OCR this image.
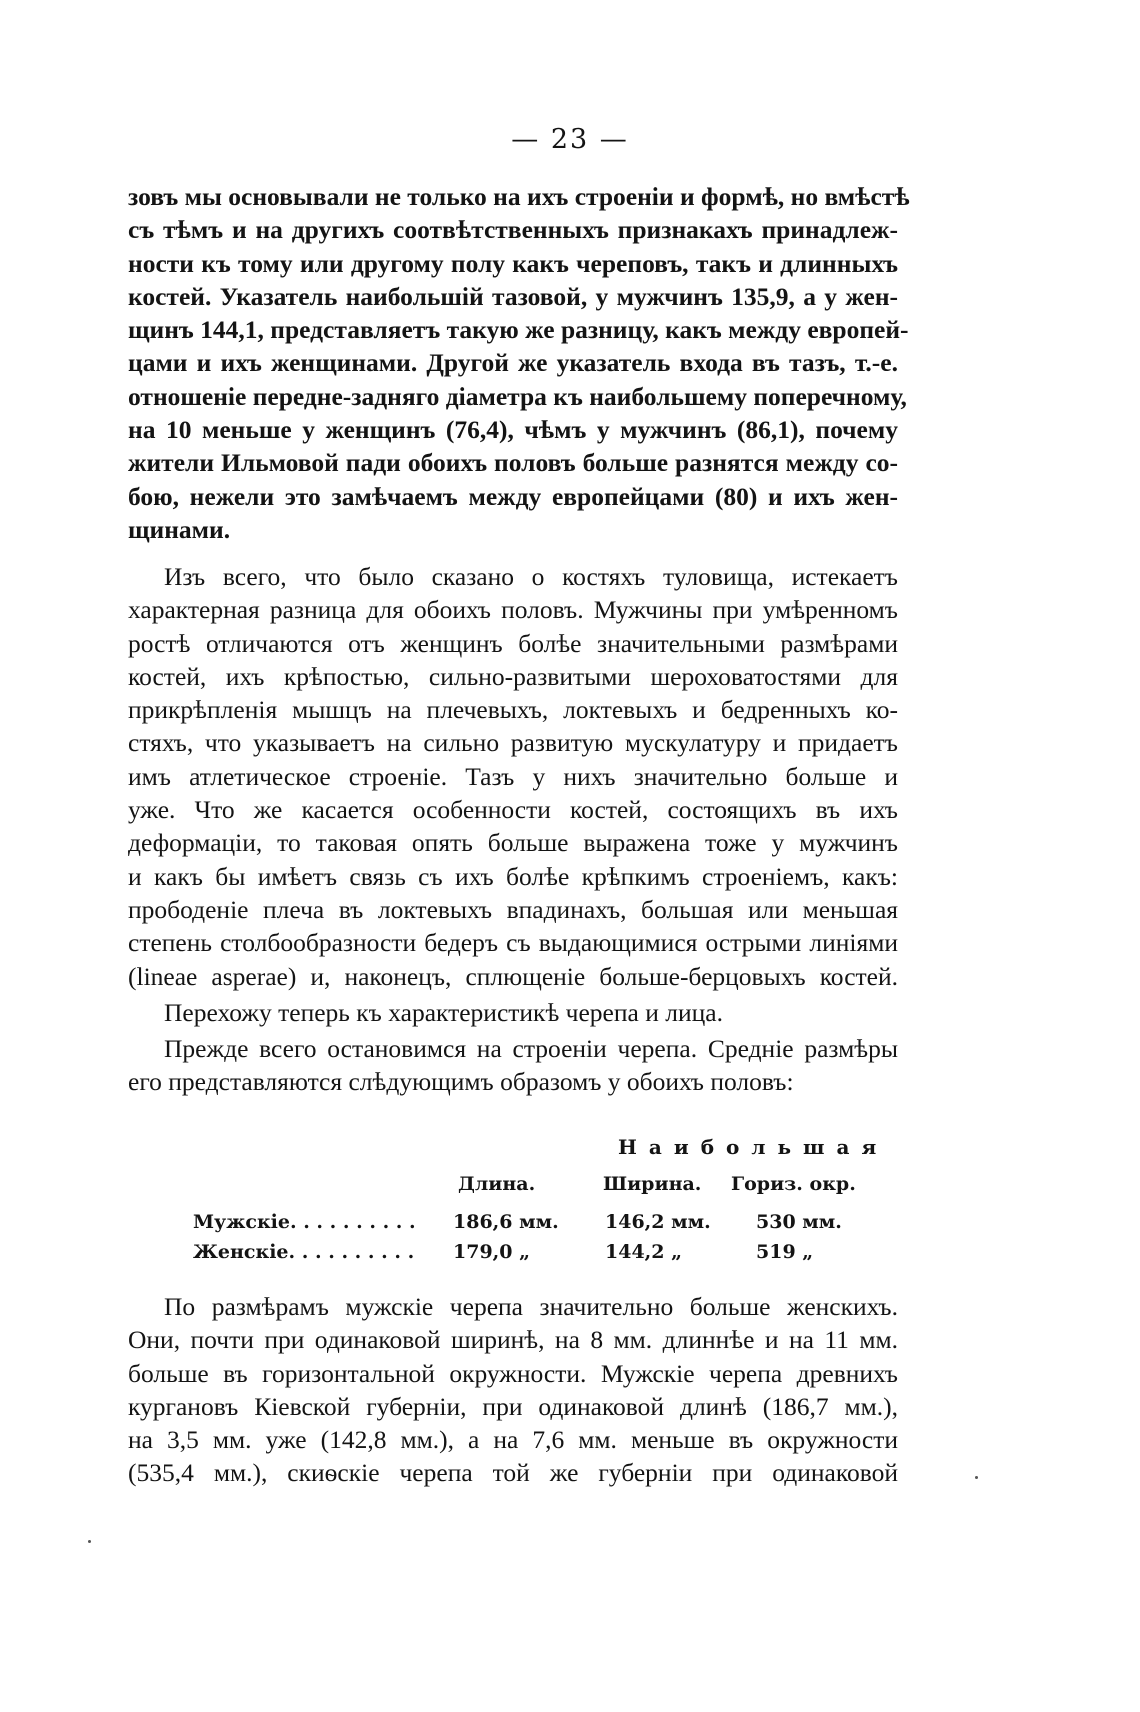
— 23 —
зовъ мы основывали не только на ихъ строеніи и формѣ, но вмѣстѣ
съ тѣмъ и на другихъ соотвѣтственныхъ признакахъ принадлеж-
ности къ тому или другому полу какъ череповъ, такъ и длинныхъ
костей. Указатель наибольшій тазовой, у мужчинъ 135,9, а у жен-
щинъ 144,1, представляетъ такую же разницу, какъ между европей-
цами и ихъ женщинами. Другой же указатель входа въ тазъ, т.-е.
отношеніе передне-задняго діаметра къ наибольшему поперечному,
на 10 меньше у женщинъ (76,4), чѣмъ у мужчинъ (86,1), почему
жители Ильмовой пади обоихъ половъ больше разнятся между со-
бою, нежели это замѣчаемъ между европейцами (80) и ихъ жен-
щинами.
Изъ всего, что было сказано о костяхъ туловища, истекаетъ
характерная разница для обоихъ половъ. Мужчины при умѣренномъ
ростѣ отличаются отъ женщинъ болѣе значительными размѣрами
костей, ихъ крѣпостью, сильно-развитыми шероховатостями для
прикрѣпленія мышцъ на плечевыхъ, локтевыхъ и бедренныхъ ко-
стяхъ, что указываетъ на сильно развитую мускулатуру и придаетъ
имъ атлетическое строеніе. Тазъ у нихъ значительно больше и
уже. Что же касается особенности костей, состоящихъ въ ихъ
деформаціи, то таковая опять больше выражена тоже у мужчинъ
и какъ бы имѣетъ связь съ ихъ болѣе крѣпкимъ строеніемъ, какъ:
прободеніе плеча въ локтевыхъ впадинахъ, большая или меньшая
степень столбообразности бедеръ съ выдающимися острыми линіями
(lineae asperae) и, наконецъ, сплющеніе больше-берцовыхъ костей.
Перехожу теперь къ характеристикѣ черепа и лица.
Прежде всего остановимся на строеніи черепа. Средніе размѣры
его представляются слѣдующимъ образомъ у обоихъ половъ:
Наибольшая
Длина.	Ширина. Гориз. окр.
Мужскіе. . . . . . . . . . 186,6 мм. 146,2 мм. 530 мм.
Женскіе. . . . . . . . . . 179,0 „	144,2 „	519 „
По размѣрамъ мужскіе черепа значительно больше женскихъ.
Они, почти при одинаковой ширинѣ, на 8 мм. длиннѣе и на 11 мм.
больше въ горизонтальной окружности. Мужскіе черепа древнихъ
кургановъ Кіевской губерніи, при одинаковой длинѣ (186,7 мм.),
на 3,5 мм. уже (142,8 мм.), а на 7,6 мм. меньше въ окружности
(535,4 мм.), скиѳскіе черепа той же губерніи при одинаковой
